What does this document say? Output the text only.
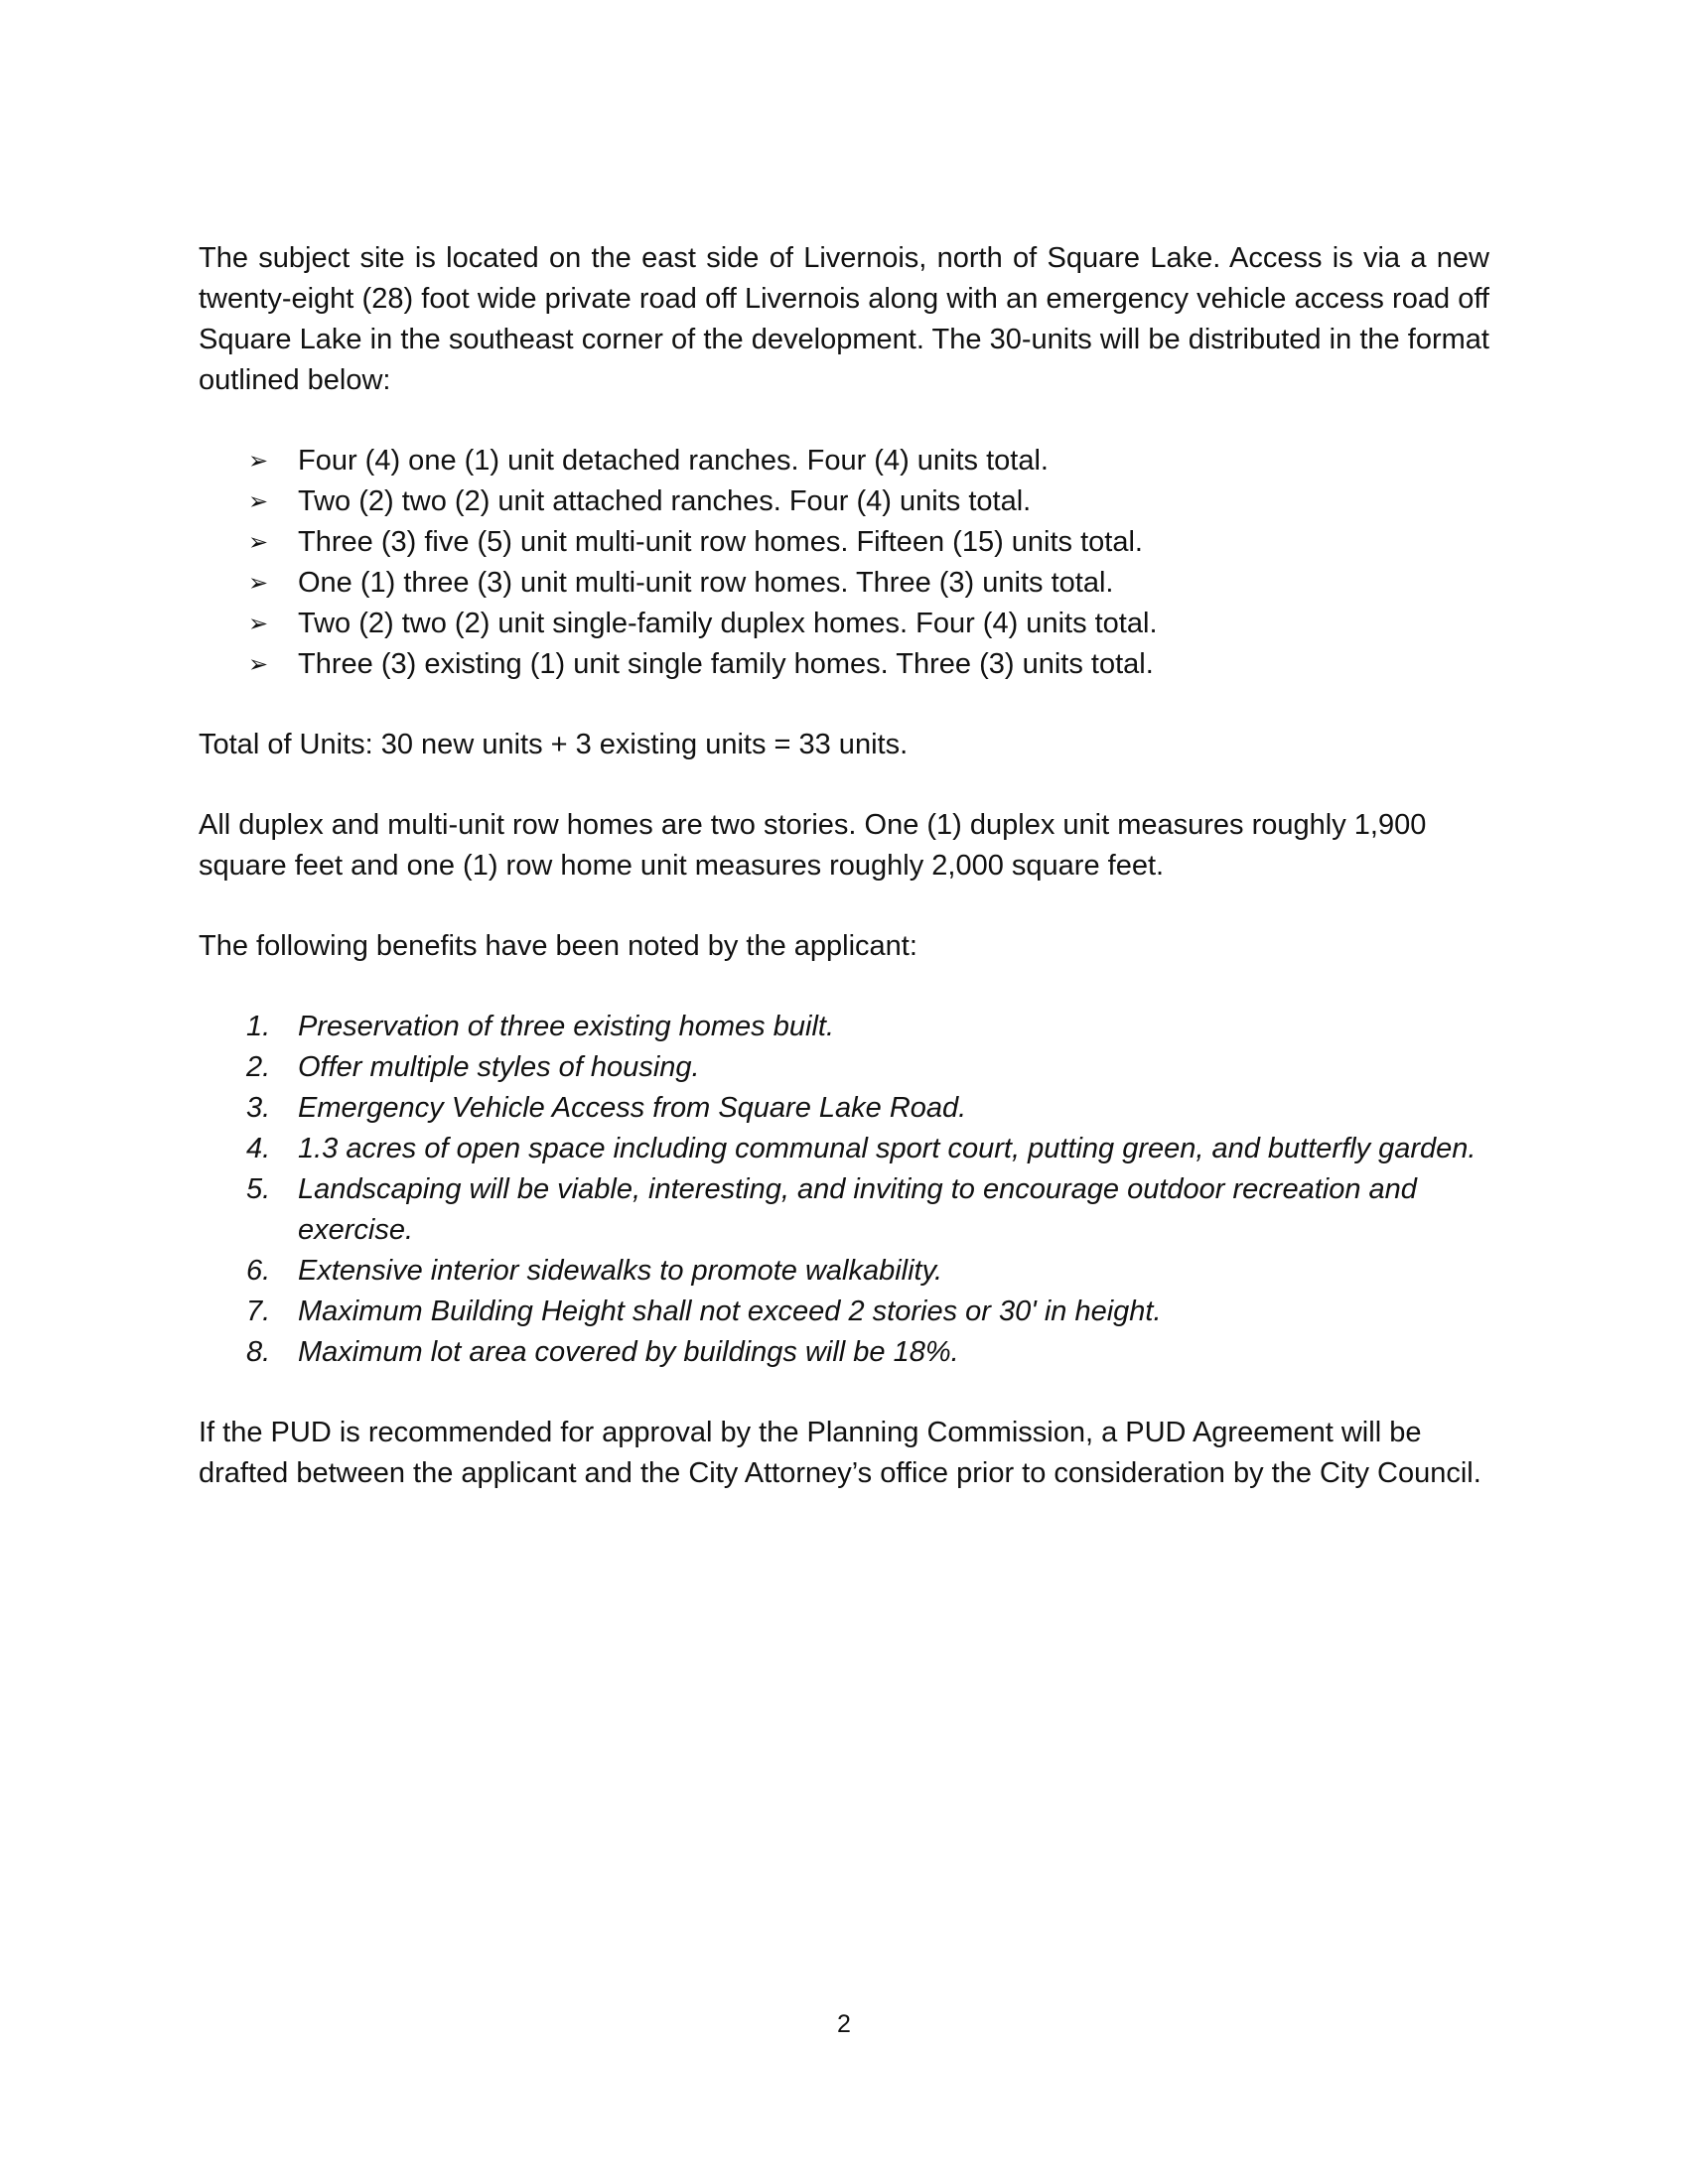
The subject site is located on the east side of Livernois, north of Square Lake. Access is via a new twenty-eight (28) foot wide private road off Livernois along with an emergency vehicle access road off Square Lake in the southeast corner of the development. The 30-units will be distributed in the format outlined below:

➢	Four (4) one (1) unit detached ranches. Four (4) units total.
➢	Two (2) two (2) unit attached ranches. Four (4) units total.
➢	Three (3) five (5) unit multi-unit row homes. Fifteen (15) units total.
➢	One (1) three (3) unit multi-unit row homes. Three (3) units total.
➢	Two (2) two (2) unit single-family duplex homes. Four (4) units total.
➢	Three (3) existing (1) unit single family homes. Three (3) units total.

Total of Units: 30 new units + 3 existing units = 33 units.

All duplex and multi-unit row homes are two stories. One (1) duplex unit measures roughly 1,900 square feet and one (1) row home unit measures roughly 2,000 square feet.

The following benefits have been noted by the applicant:

1. Preservation of three existing homes built.
2. Offer multiple styles of housing.
3. Emergency Vehicle Access from Square Lake Road.
4. 1.3 acres of open space including communal sport court, putting green, and butterfly garden.
5. Landscaping will be viable, interesting, and inviting to encourage outdoor recreation and exercise.
6. Extensive interior sidewalks to promote walkability.
7. Maximum Building Height shall not exceed 2 stories or 30' in height.
8. Maximum lot area covered by buildings will be 18%.

If the PUD is recommended for approval by the Planning Commission, a PUD Agreement will be drafted between the applicant and the City Attorney’s office prior to consideration by the City Council.

2
